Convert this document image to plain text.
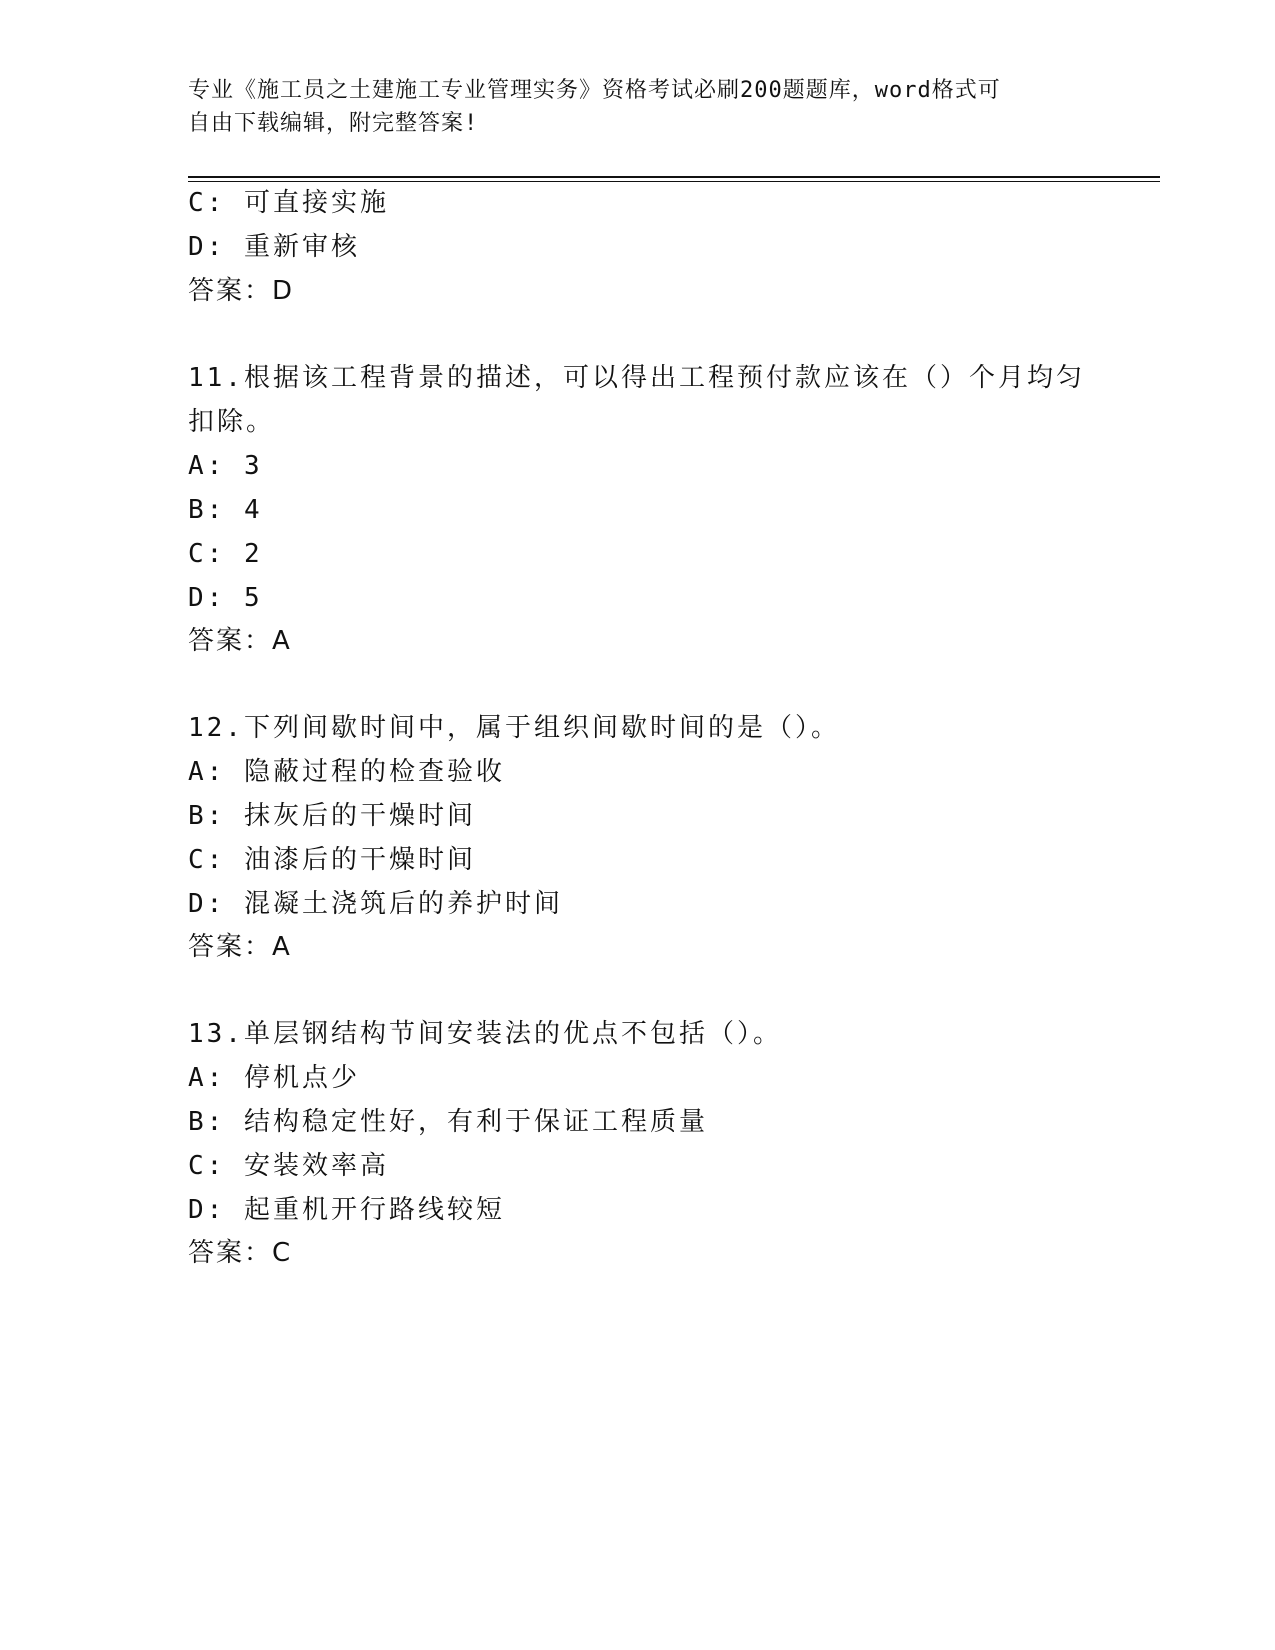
专业《施工员之土建施工专业管理实务》资格考试必刷200题题库，word格式可
自由下载编辑，附完整答案!
C: 可直接实施
D: 重新审核
答案：D
11.根据该工程背景的描述，可以得出工程预付款应该在（）个月均匀
扣除。
A: 3
B: 4
C: 2
D: 5
答案：A
12.下列间歇时间中，属于组织间歇时间的是（）。
A: 隐蔽过程的检查验收
B: 抹灰后的干燥时间
C: 油漆后的干燥时间
D: 混凝土浇筑后的养护时间
答案：A
13.单层钢结构节间安装法的优点不包括（）。
A: 停机点少
B: 结构稳定性好，有利于保证工程质量
C: 安装效率高
D: 起重机开行路线较短
答案：C
